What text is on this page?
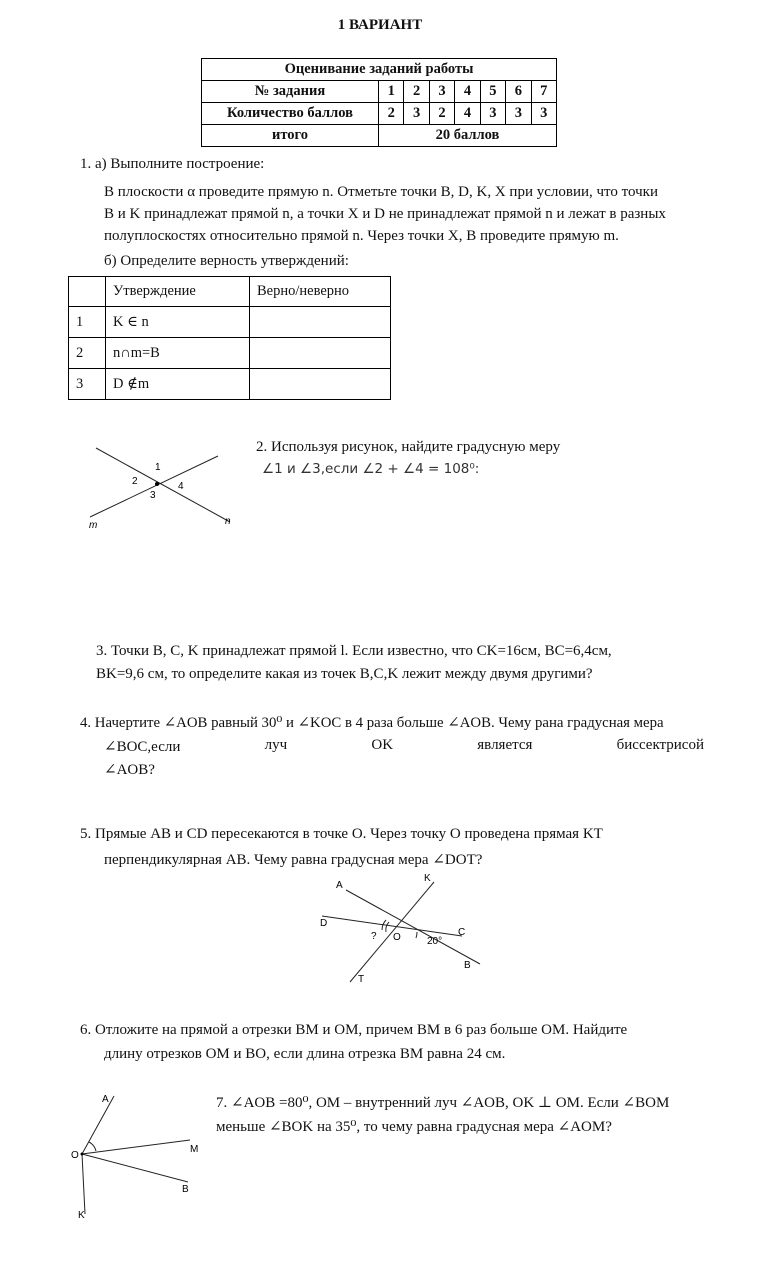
1 ВАРИАНТ
Оценивание заданий работы							
№ задания	1	2	3	4	5	6	7
Количество баллов	2	3	2	4	3	3	3
итого	20 баллов						
1. а) Выполните построение:
В плоскости α проведите прямую n. Отметьте точки B, D, K, X при условии, что точки
B и K принадлежат прямой n, а точки X и D не принадлежат прямой n и лежат в разных
полуплоскостях относительно прямой n. Через точки X, B проведите прямую m.
б) Определите верность утверждений:
	Утверждение	Верно/неверно
1	K ∈ n	
2	n∩m=B	
3	D ∉m	
1
2
3
4
m	n
2. Используя рисунок, найдите градусную меру
∠1 и ∠3,если ∠2 + ∠4 = 108⁰:
3. Точки B, C, K принадлежат прямой l. Если известно, что CK=16см, BC=6,4см,
BK=9,6 см, то определите какая из точек B,C,K лежит между двумя другими?
4. Начертите ∠AOB равный 30⁰ и ∠KOC в 4 раза больше ∠AOB. Чему рана градусная мера
∠BOC,если	луч	OK	является	биссектрисой
∠AOB?
5. Прямые AB и CD пересекаются в точке O. Через точку O проведена прямая KT
перпендикулярная AB. Чему равна градусная мера ∠DOT?
A
K
D
C
O
T
B
?	20°
6. Отложите на прямой a отрезки BM и OM, причем BM в 6 раз больше OM. Найдите
длину отрезков OM и BO, если длина отрезка BM равна 24 см.
A
O
M
B
K
7. ∠AOB =80⁰, OM – внутренний луч ∠AOB, OK ⊥ OM. Если ∠BOM
меньше ∠BOK на 35⁰, то чему равна градусная мера ∠AOM?
